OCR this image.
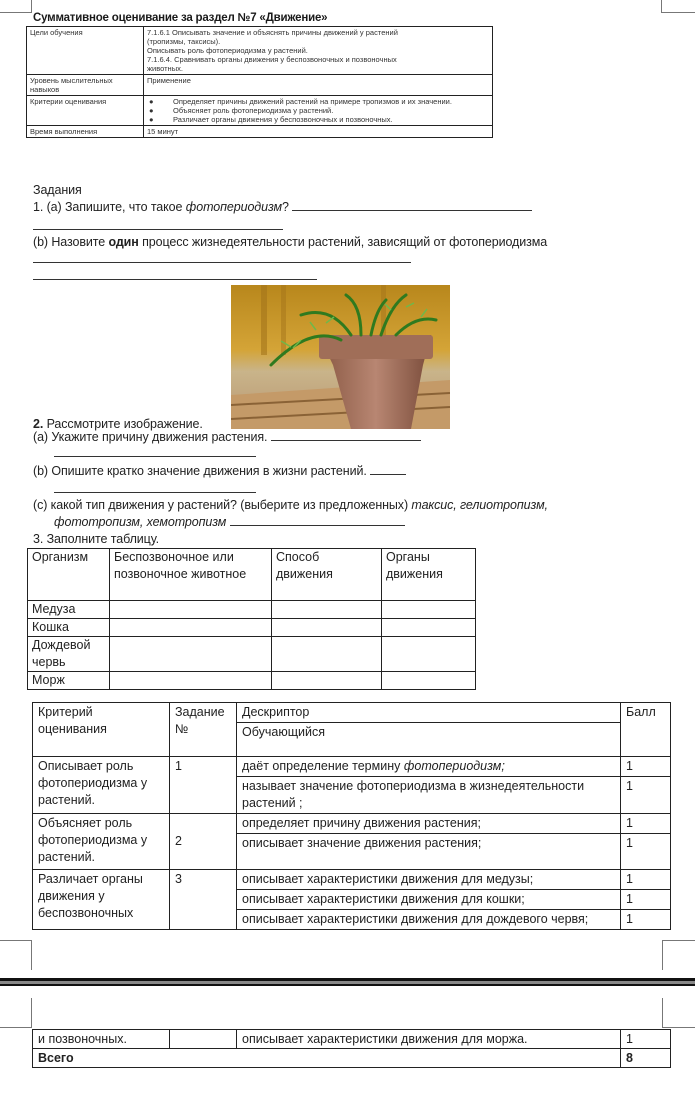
Суммативное оценивание за раздел №7 «Движение»
Цели обучения	7.1.6.1 Описывать значение и объяснять причины движений у растений
(тропизмы, таксисы).
Описывать роль фотопериодизма у растений.
7.1.6.4. Сравнивать органы движения у беспозвоночных и позвоночных
животных.

Уровень мыслительных навыков	Применение
Критерии оценивания	●	Определяет причины движений растений на примере тропизмов и их значении.
●	Объясняет роль фотопериодизма у растений.
●	Различает органы движения у беспозвоночных и позвоночных.

Время выполнения	15 минут
Задания
1. (a) Запишите, что такое фотопериодизм?
(b) Назовите один процесс жизнедеятельности растений, зависящий от фотопериодизма
2. Рассмотрите изображение.
(a) Укажите причину движения растения.
(b) Опишите кратко значение движения в жизни растений.
(c) какой тип движения у растений? (выберите из предложенных) таксис, гелиотропизм,
фототропизм, хемотропизм
3. Заполните таблицу.
Организм	Беспозвоночное или позвоночное животное	Способ движения	Органы движения
Медуза			
Кошка			
Дождевой червь			
Морж			
Критерий оценивания	Задание №	Дескриптор	Балл
		Обучающийся	
Описывает роль фотопериодизма у растений.	1	даёт определение термину фотопериодизм;	1
		называет значение фотопериодизма в жизнедеятельности растений ;	1
Объясняет роль фотопериодизма у растений.	2	определяет причину движения растения;	1
		описывает значение движения растения;	1
Различает органы движения у беспозвоночных	3	описывает характеристики движения для медузы;	1
		описывает характеристики движения для кошки;	1
		описывает характеристики движения для дождевого червя;	1
и позвоночных.		описывает характеристики движения для моржа.	1
Всего			8
